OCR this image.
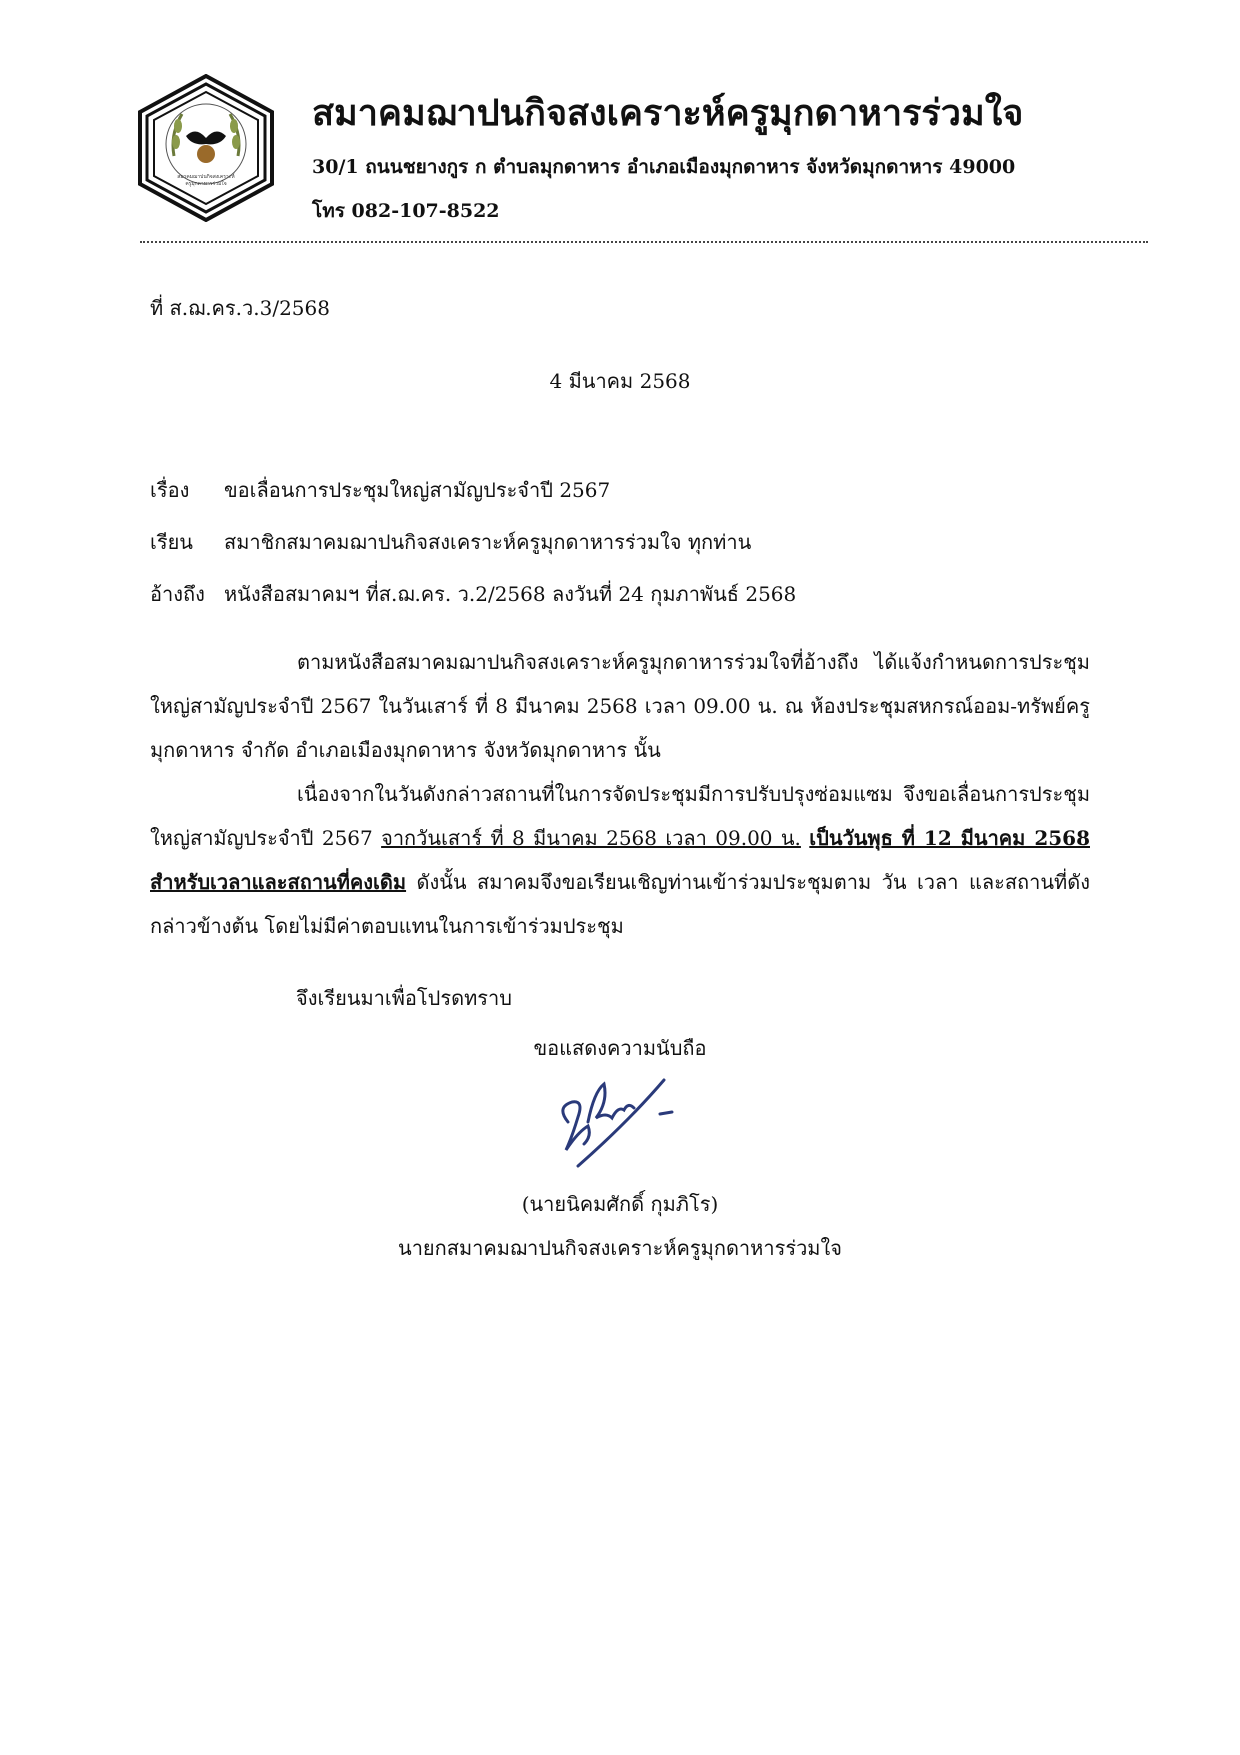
สมาคมฌาปนกิจสงเคราะห์
ครูมุกดาหารร่วมใจ
สมาคมฌาปนกิจสงเคราะห์ครูมุกดาหารร่วมใจ
30/1 ถนนชยางกูร ก ตำบลมุกดาหาร อำเภอเมืองมุกดาหาร จังหวัดมุกดาหาร 49000
โทร 082-107-8522
ที่ ส.ฌ.คร.ว.3/2568
4 มีนาคม 2568
เรื่อง ขอเลื่อนการประชุมใหญ่สามัญประจำปี 2567
เรียน สมาชิกสมาคมฌาปนกิจสงเคราะห์ครูมุกดาหารร่วมใจ ทุกท่าน
อ้างถึง หนังสือสมาคมฯ ที่ส.ฌ.คร. ว.2/2568 ลงวันที่ 24 กุมภาพันธ์ 2568

ตามหนังสือสมาคมฌาปนกิจสงเคราะห์ครูมุกดาหารร่วมใจที่อ้างถึง ได้แจ้งกำหนดการประชุมใหญ่สามัญประจำปี 2567 ในวันเสาร์ ที่ 8 มีนาคม 2568 เวลา 09.00 น. ณ ห้องประชุมสหกรณ์ออม-ทรัพย์ครูมุกดาหาร จำกัด อำเภอเมืองมุกดาหาร จังหวัดมุกดาหาร นั้น

เนื่องจากในวันดังกล่าวสถานที่ในการจัดประชุมมีการปรับปรุงซ่อมแซม จึงขอเลื่อนการประชุมใหญ่สามัญประจำปี 2567 จากวันเสาร์ ที่ 8 มีนาคม 2568 เวลา 09.00 น. เป็นวันพุธ ที่ 12 มีนาคม 2568 สำหรับเวลาและสถานที่คงเดิม ดังนั้น สมาคมจึงขอเรียนเชิญท่านเข้าร่วมประชุมตาม วัน เวลา และสถานที่ดังกล่าวข้างต้น โดยไม่มีค่าตอบแทนในการเข้าร่วมประชุม

จึงเรียนมาเพื่อโปรดทราบ
ขอแสดงความนับถือ
(นายนิคมศักดิ์ กุมภิโร)
นายกสมาคมฌาปนกิจสงเคราะห์ครูมุกดาหารร่วมใจ
